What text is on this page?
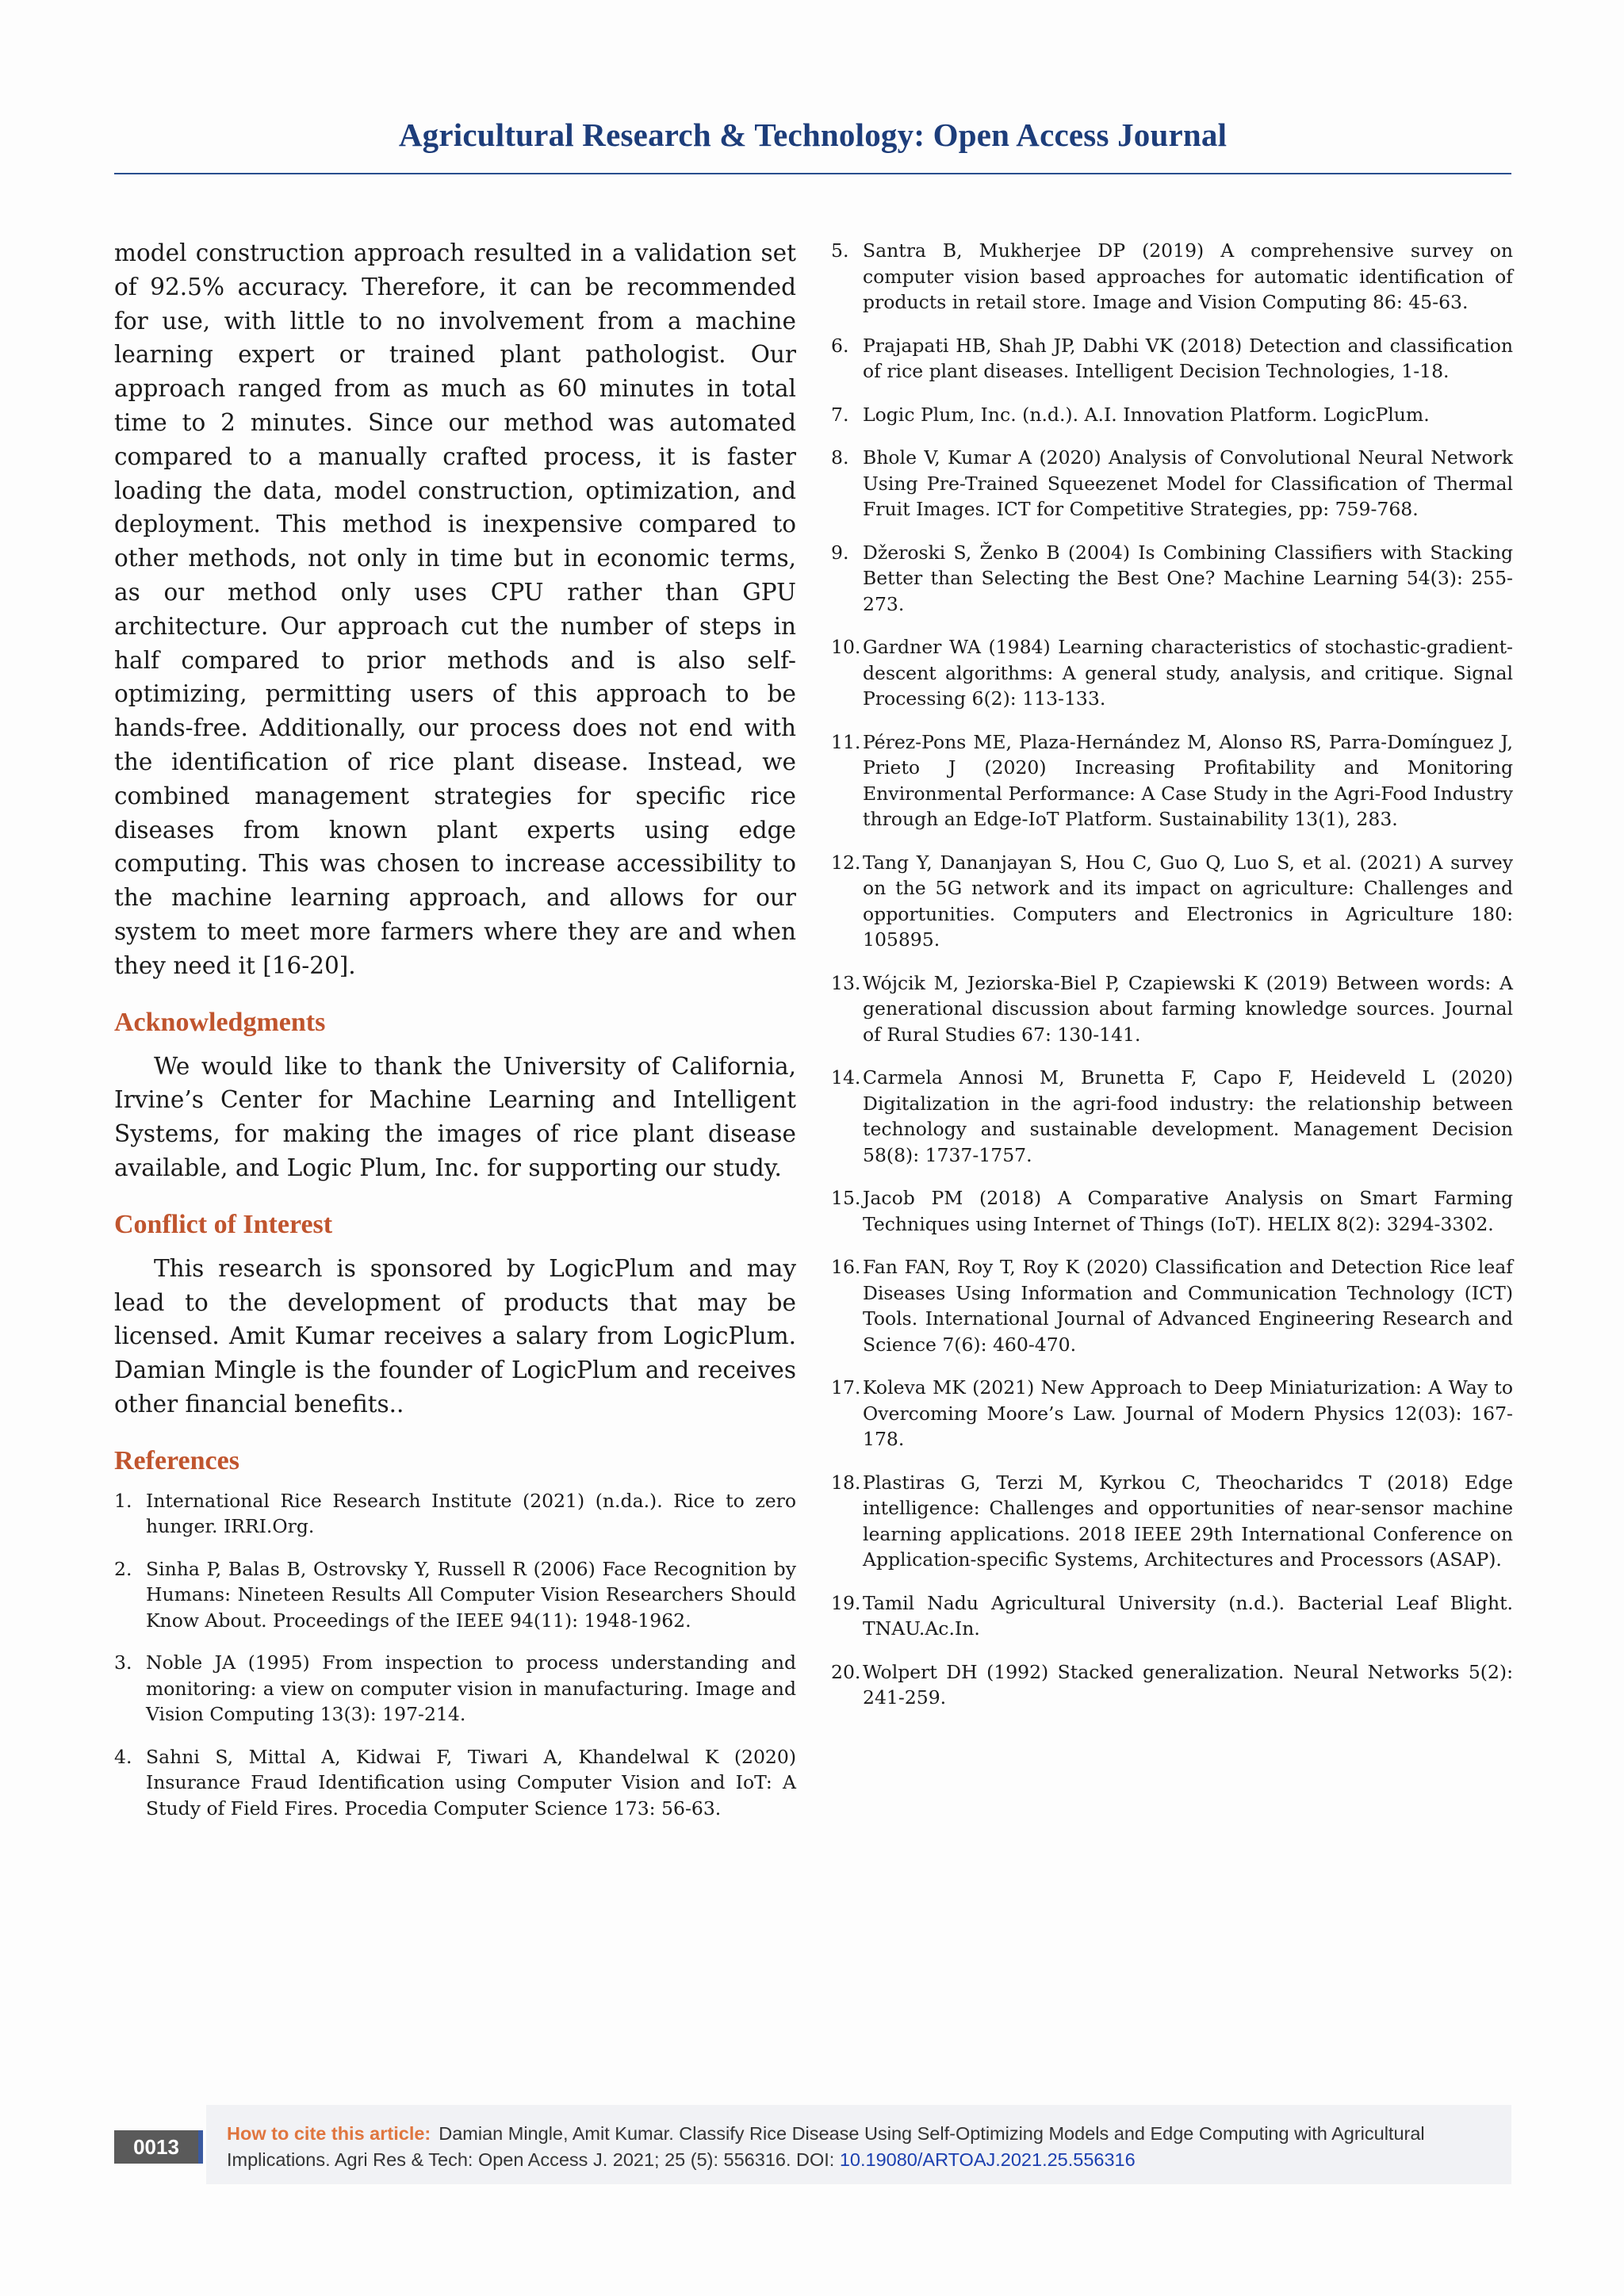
Agricultural Research & Technology: Open Access Journal

model construction approach resulted in a validation set of 92.5% accuracy. Therefore, it can be recommended for use, with little to no involvement from a machine learning expert or trained plant pathologist. Our approach ranged from as much as 60 minutes in total time to 2 minutes. Since our method was automated compared to a manually crafted process, it is faster loading the data, model construction, optimization, and deployment. This method is inexpensive compared to other methods, not only in time but in economic terms, as our method only uses CPU rather than GPU architecture. Our approach cut the number of steps in half compared to prior methods and is also self-optimizing, permitting users of this approach to be hands-free. Additionally, our process does not end with the identification of rice plant disease. Instead, we combined management strategies for specific rice diseases from known plant experts using edge computing. This was chosen to increase accessibility to the machine learning approach, and allows for our system to meet more farmers where they are and when they need it [16-20].

Acknowledgments

We would like to thank the University of California, Irvine’s Center for Machine Learning and Intelligent Systems, for making the images of rice plant disease available, and Logic Plum, Inc. for supporting our study.

Conflict of Interest

This research is sponsored by LogicPlum and may lead to the development of products that may be licensed. Amit Kumar receives a salary from LogicPlum. Damian Mingle is the founder of LogicPlum and receives other financial benefits..

References
1. International Rice Research Institute (2021) (n.da.). Rice to zero hunger. IRRI.Org.
2. Sinha P, Balas B, Ostrovsky Y, Russell R (2006) Face Recognition by Humans: Nineteen Results All Computer Vision Researchers Should Know About. Proceedings of the IEEE 94(11): 1948-1962.
3. Noble JA (1995) From inspection to process understanding and monitoring: a view on computer vision in manufacturing. Image and Vision Computing 13(3): 197-214.
4. Sahni S, Mittal A, Kidwai F, Tiwari A, Khandelwal K (2020) Insurance Fraud Identification using Computer Vision and IoT: A Study of Field Fires. Procedia Computer Science 173: 56-63.
5. Santra B, Mukherjee DP (2019) A comprehensive survey on computer vision based approaches for automatic identification of products in retail store. Image and Vision Computing 86: 45-63.
6. Prajapati HB, Shah JP, Dabhi VK (2018) Detection and classification of rice plant diseases. Intelligent Decision Technologies, 1-18.
7. Logic Plum, Inc. (n.d.). A.I. Innovation Platform. LogicPlum.
8. Bhole V, Kumar A (2020) Analysis of Convolutional Neural Network Using Pre-Trained Squeezenet Model for Classification of Thermal Fruit Images. ICT for Competitive Strategies, pp: 759-768.
9. Džeroski S, Ženko B (2004) Is Combining Classifiers with Stacking Better than Selecting the Best One? Machine Learning 54(3): 255-273.
10. Gardner WA (1984) Learning characteristics of stochastic-gradient-descent algorithms: A general study, analysis, and critique. Signal Processing 6(2): 113-133.
11. Pérez-Pons ME, Plaza-Hernández M, Alonso RS, Parra-Domínguez J, Prieto J (2020) Increasing Profitability and Monitoring Environmental Performance: A Case Study in the Agri-Food Industry through an Edge-IoT Platform. Sustainability 13(1), 283.
12. Tang Y, Dananjayan S, Hou C, Guo Q, Luo S, et al. (2021) A survey on the 5G network and its impact on agriculture: Challenges and opportunities. Computers and Electronics in Agriculture 180: 105895.
13. Wójcik M, Jeziorska-Biel P, Czapiewski K (2019) Between words: A generational discussion about farming knowledge sources. Journal of Rural Studies 67: 130-141.
14. Carmela Annosi M, Brunetta F, Capo F, Heideveld L (2020) Digitalization in the agri-food industry: the relationship between technology and sustainable development. Management Decision 58(8): 1737-1757.
15. Jacob PM (2018) A Comparative Analysis on Smart Farming Techniques using Internet of Things (IoT). HELIX 8(2): 3294-3302.
16. Fan FAN, Roy T, Roy K (2020) Classification and Detection Rice leaf Diseases Using Information and Communication Technology (ICT) Tools. International Journal of Advanced Engineering Research and Science 7(6): 460-470.
17. Koleva MK (2021) New Approach to Deep Miniaturization: A Way to Overcoming Moore’s Law. Journal of Modern Physics 12(03): 167-178.
18. Plastiras G, Terzi M, Kyrkou C, Theocharidcs T (2018) Edge intelligence: Challenges and opportunities of near-sensor machine learning applications. 2018 IEEE 29th International Conference on Application-specific Systems, Architectures and Processors (ASAP).
19. Tamil Nadu Agricultural University (n.d.). Bacterial Leaf Blight. TNAU.Ac.In.
20. Wolpert DH (1992) Stacked generalization. Neural Networks 5(2): 241-259.
0013
How to cite this article: Damian Mingle, Amit Kumar. Classify Rice Disease Using Self-Optimizing Models and Edge Computing with Agricultural Implications. Agri Res & Tech: Open Access J. 2021; 25 (5): 556316. DOI: 10.19080/ARTOAJ.2021.25.556316
